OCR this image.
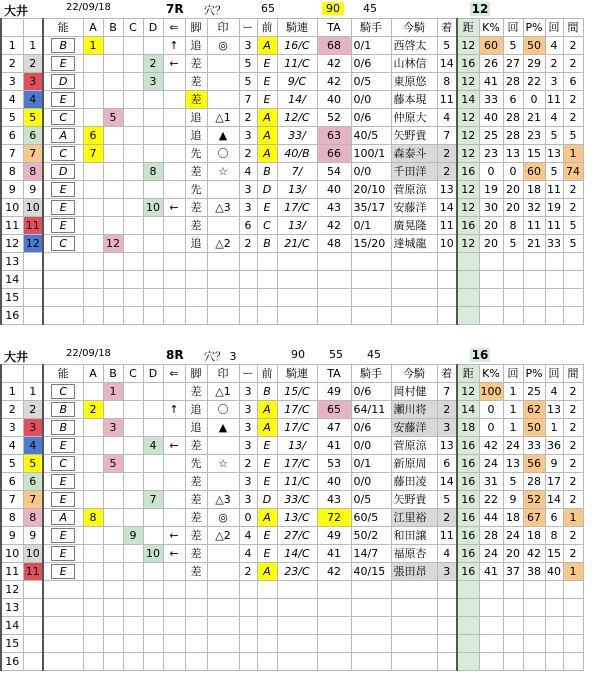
大井	22/09/18	7R 穴？	65	90	45	12
		能	A	B	C	D	⇐	脚	印	ー	前	騎連	TA	騎手	今騎	着	距	K%	回	P%	回	間
1	1	B	1				↑	追	◎	3	A	16/C	68	0/1	西啓太	5	12	60	5	50	4	2
2	2	E				2	←	差		5	E	11/C	42	0/6	山林信	14	16	26	27	29	2	2
3	3	D				3		差		5	E	9/C	42	0/5	東原悠	8	12	41	28	22	3	6
4	4	E						差		7	E	14/	40	0/0	藤本現	11	14	33	6	0	11	2
5	5	C		5				追	△1	2	A	12/C	52	0/6	仲原大	4	12	40	28	21	4	2
6	6	A	6					追	▲	3	A	33/	63	40/5	矢野貴	7	12	25	28	23	5	5
7	7	C	7					先	〇	2	A	40/B	66	100/1	森泰斗	2	12	23	13	15	13	1
8	8	D				8		差	☆	4	B	7/	54	0/0	千田洋	2	16	0	0	60	5	74
9	9	E						先		3	D	13/	40	20/10	菅原涼	13	12	19	20	18	11	2
10	10	E				10	←	差	△3	3	E	17/C	43	35/17	安藤洋	14	12	30	20	32	19	2
11	11	E						差		6	C	13/	42	0/1	廣晃隆	11	16	20	8	11	11	5
12	12	C		12				追	△2	2	B	21/C	48	15/20	達城龍	10	12	20	5	21	33	5
13																						
14																						
15																						
16																						
大井	22/09/18	8R 穴？ 3	90 55 45	16
		能	A	B	C	D	⇐	脚	印	ー	前	騎連	TA	騎手	今騎	着	距	K%	回	P%	回	間
1	1	C		1				差	△1	3	B	15/C	49	0/6	岡村健	7	12	100	1	25	4	2
2	2	B	2				↑	追	〇	3	A	17/C	65	64/11	瀬川将	2	14	0	1	62	13	2
3	3	B		3				追	▲	3	A	17/C	47	0/6	安藤洋	3	18	0	1	50	1	2
4	4	E				4	←	差		3	E	13/	41	0/0	菅原涼	13	16	42	24	33	36	2
5	5	C		5				先	☆	2	E	17/C	53	0/1	新原周	6	16	24	13	56	9	2
6	6	E						差		3	E	11/C	40	0/0	藤田凌	14	16	31	5	28	17	2
7	7	E				7		差	△3	3	D	33/C	43	0/5	矢野貴	5	16	22	9	52	14	2
8	8	A	8					差	◎	0	A	13/C	72	60/5	江里裕	2	16	44	18	67	6	1
9	9	E			9		←	差	△2	4	E	27/C	49	50/2	和田譲	11	16	28	24	18	8	2
10	10	E				10	←	差		4	E	14/C	41	14/7	福原杏	4	16	24	20	42	15	2
11	11	E						差		2	A	23/C	42	40/15	張田昂	3	16	41	37	38	40	1
12																						
13																						
14																						
15																						
16																						
